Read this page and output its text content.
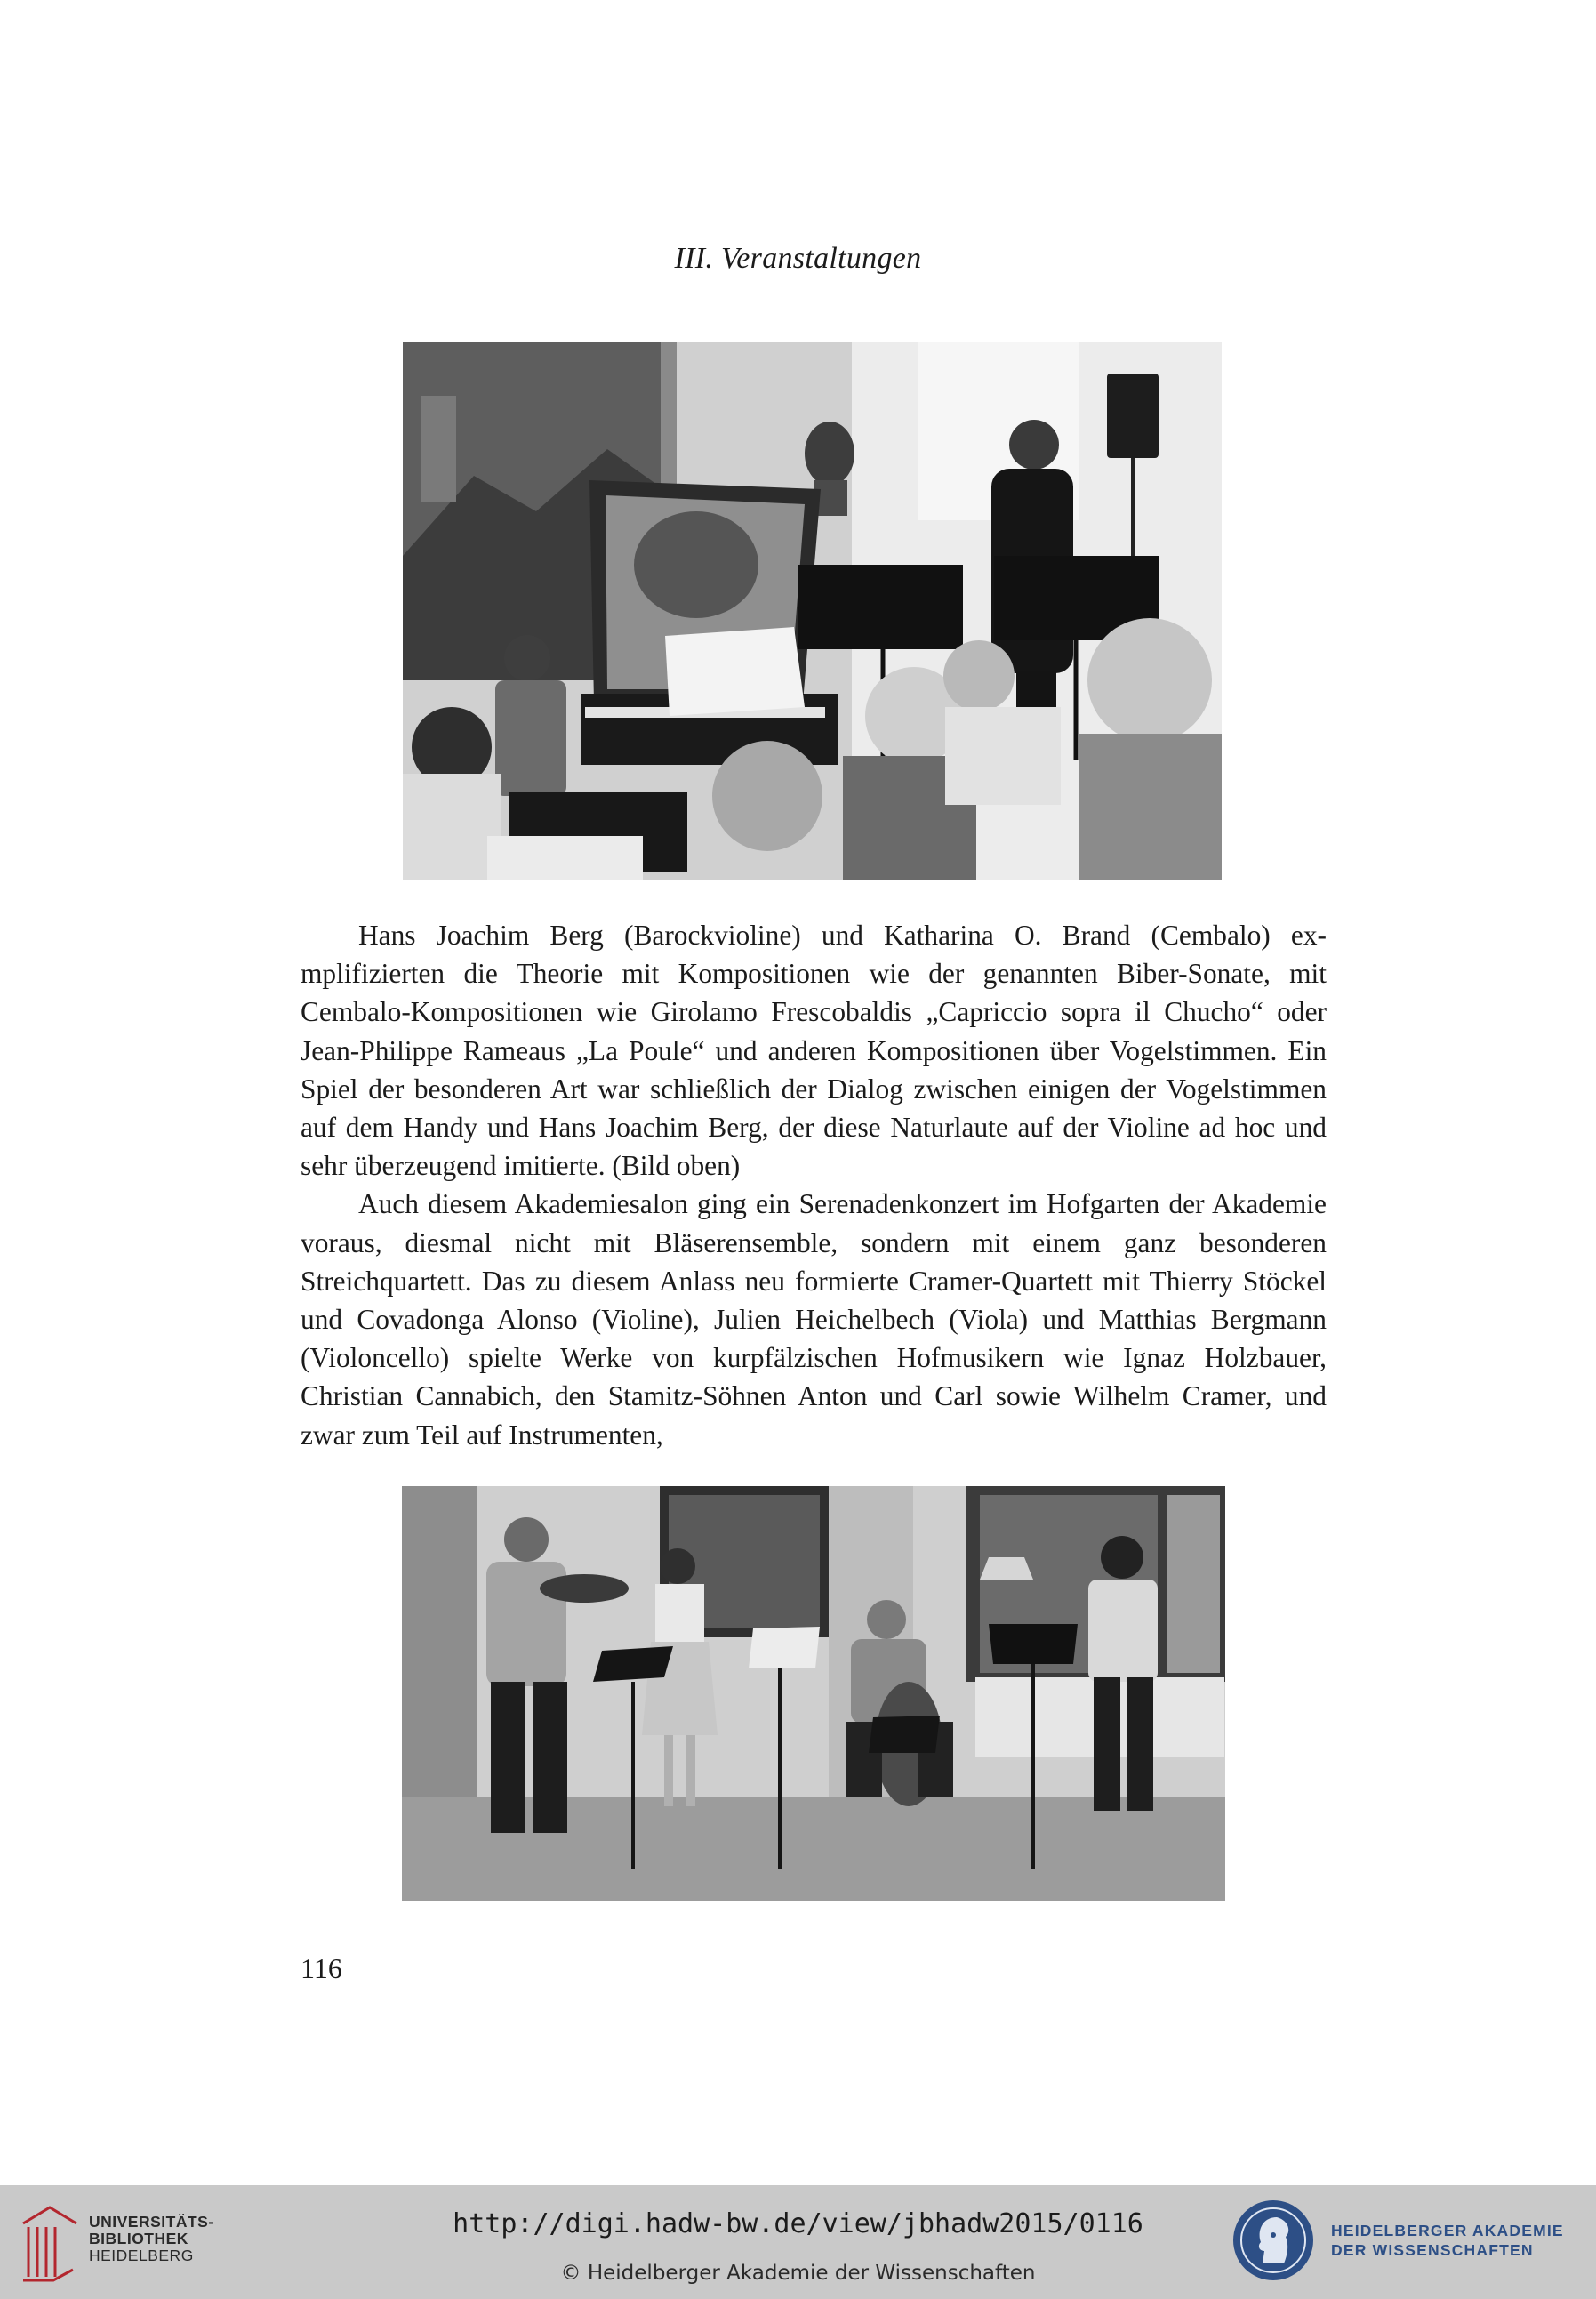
III. Veranstaltungen

Hans Joachim Berg (Barockvioline) und Katharina O. Brand (Cembalo) exmplifizierten die Theorie mit Kompositionen wie der genannten Biber-Sonate, mit Cembalo-Kompositionen wie Girolamo Frescobaldis „Capriccio sopra il Chucho“ oder Jean-Philippe Rameaus „La Poule“ und anderen Kompositionen über Vogelstimmen. Ein Spiel der besonderen Art war schließlich der Dialog zwischen einigen der Vogelstimmen auf dem Handy und Hans Joachim Berg, der diese Naturlaute auf der Violine ad hoc und sehr überzeugend imitierte. (Bild oben)

Auch diesem Akademiesalon ging ein Serenadenkonzert im Hofgarten der Akademie voraus, diesmal nicht mit Bläserensemble, sondern mit einem ganz besonderen Streichquartett. Das zu diesem Anlass neu formierte Cramer-Quartett mit Thierry Stöckel und Covadonga Alonso (Violine), Julien Heichelbech (Viola) und Matthias Bergmann (Violoncello) spielte Werke von kurpfälzischen Hofmusikern wie Ignaz Holzbauer, Christian Cannabich, den Stamitz-Söhnen Anton und Carl sowie Wilhelm Cramer, und zwar zum Teil auf Instrumenten,

116
UNIVERSITÄTS-
BIBLIOTHEK
HEIDELBERG
http://digi.hadw-bw.de/view/jbhadw2015/0116
© Heidelberger Akademie der Wissenschaften
HEIDELBERGER AKADEMIE
DER WISSENSCHAFTEN
